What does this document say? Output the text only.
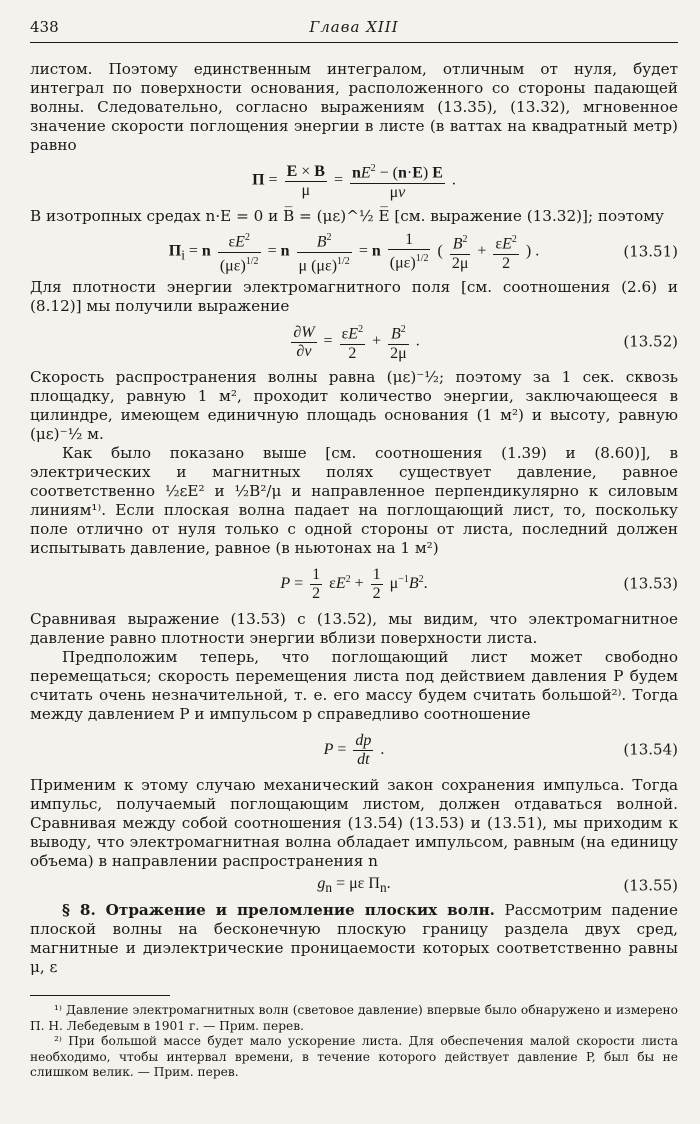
438	Глава XIII

листом. Поэтому единственным интегралом, отличным от нуля, будет интеграл по поверхности основания, расположенного со стороны падающей волны. Следовательно, согласно выражениям (13.35), (13.32), мгновенное значение скорости поглощения энергии в листе (в ваттах на квадратный метр) равно

$\Pi = \frac{E \times B}{\mu} = \frac{nE^2 - (n\cdot E) E}{\mu v}$ .

В изотропных средах n·E = 0 и B̅ = (με)^½ E̅ [см. выражение (13.32)]; поэтому

$\Pi_i = n \frac{\varepsilon E^2}{(\mu\varepsilon)^{1/2}} = n \frac{B^2}{\mu (\mu\varepsilon)^{1/2}} = n \frac{1}{(\mu\varepsilon)^{1/2}}$ ( $\frac{B^2}{2\mu} + \frac{\varepsilon E^2}{2}$ ) .	(13.51)

Для плотности энергии электромагнитного поля [см. соотношения (2.6) и (8.12)] мы получили выражение

$\frac{\partial W}{\partial v} = \frac{\varepsilon E^2}{2} + \frac{B^2}{2\mu}$ .	(13.52)

Скорость распространения волны равна (με)⁻½; поэтому за 1 сек. сквозь площадку, равную 1 м², проходит количество энергии, заключающееся в цилиндре, имеющем единичную площадь основания (1 м²) и высоту, равную (με)⁻½ м.

Как было показано выше [см. соотношения (1.39) и (8.60)], в электрических и магнитных полях существует давление, равное соответственно ½εE² и ½B²/μ и направленное перпендикулярно к силовым линиям¹⁾. Если плоская волна падает на поглощающий лист, то, поскольку поле отлично от нуля только с одной стороны от листа, последний должен испытывать давление, равное (в ньютонах на 1 м²)

$P = \frac{1}{2} \varepsilon E^2 + \frac{1}{2} \mu^{-1}B^2$.	(13.53)

Сравнивая выражение (13.53) с (13.52), мы видим, что электромагнитное давление равно плотности энергии вблизи поверхности листа.

Предположим теперь, что поглощающий лист может свободно перемещаться; скорость перемещения листа под действием давления P будем считать очень незначительной, т. е. его массу будем считать большой²⁾. Тогда между давлением P и импульсом p справедливо соотношение

$P = \frac{dp}{dt}$ .	(13.54)

Применим к этому случаю механический закон сохранения импульса. Тогда импульс, получаемый поглощающим листом, должен отдаваться волной. Сравнивая между собой соотношения (13.54) (13.53) и (13.51), мы приходим к выводу, что электромагнитная волна обладает импульсом, равным (на единицу объема) в направлении распространения n

$g_n = \mu\varepsilon$ $\Pi_n$.	(13.55)

§ 8. Отражение и преломление плоских волн. Рассмотрим падение плоской волны на бесконечную плоскую границу раздела двух сред, магнитные и диэлектрические проницаемости которых соответственно равны μ, ε

¹⁾ Давление электромагнитных волн (световое давление) впервые было обнаружено и измерено П. Н. Лебедевым в 1901 г. — Прим. перев.

²⁾ При большой массе будет мало ускорение листа. Для обеспечения малой скорости листа необходимо, чтобы интервал времени, в течение которого действует давление P, был бы не слишком велик. — Прим. перев.
